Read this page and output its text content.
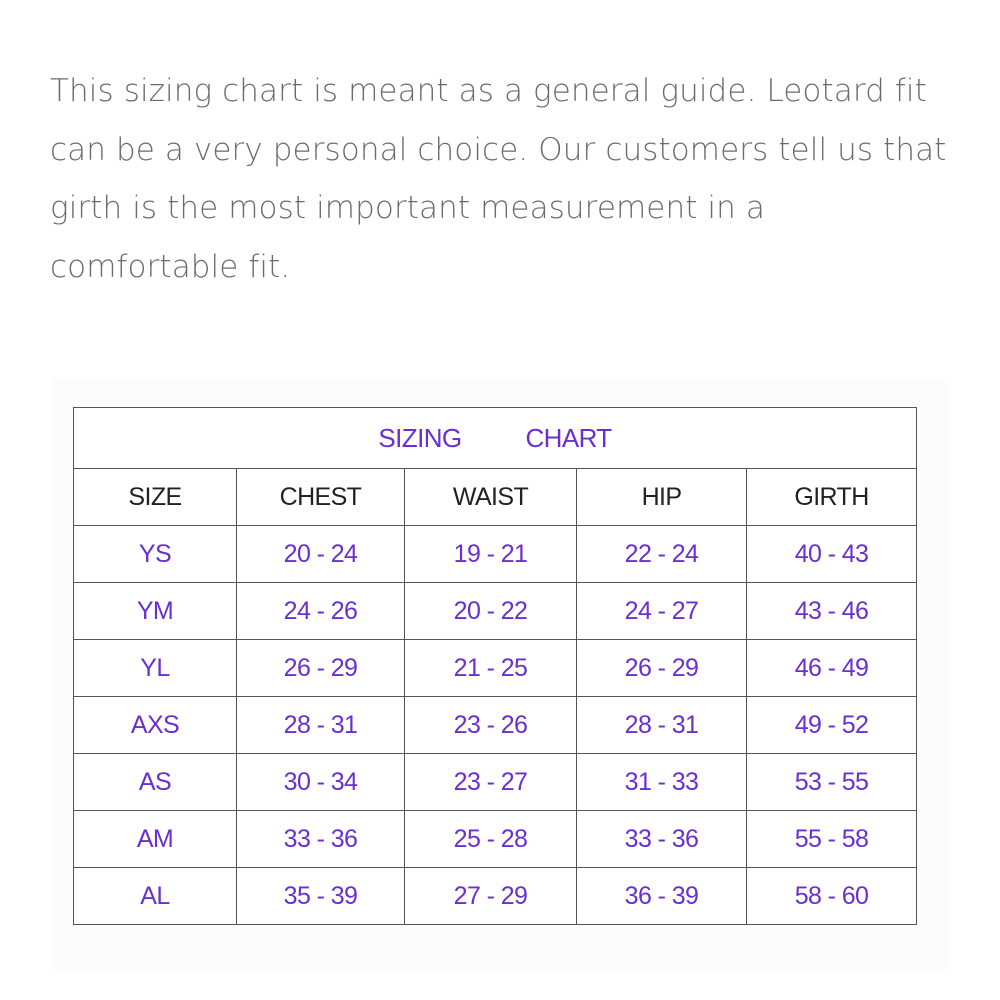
This sizing chart is meant as a general guide. Leotard fit can be a very personal choice. Our customers tell us that girth is the most important measurement in a comfortable fit.

SIZING CHART				
SIZE	CHEST	WAIST	HIP	GIRTH
YS	20 - 24	19 - 21	22 - 24	40 - 43
YM	24 - 26	20 - 22	24 - 27	43 - 46
YL	26 - 29	21 - 25	26 - 29	46 - 49
AXS	28 - 31	23 - 26	28 - 31	49 - 52
AS	30 - 34	23 - 27	31 - 33	53 - 55
AM	33 - 36	25 - 28	33 - 36	55 - 58
AL	35 - 39	27 - 29	36 - 39	58 - 60
